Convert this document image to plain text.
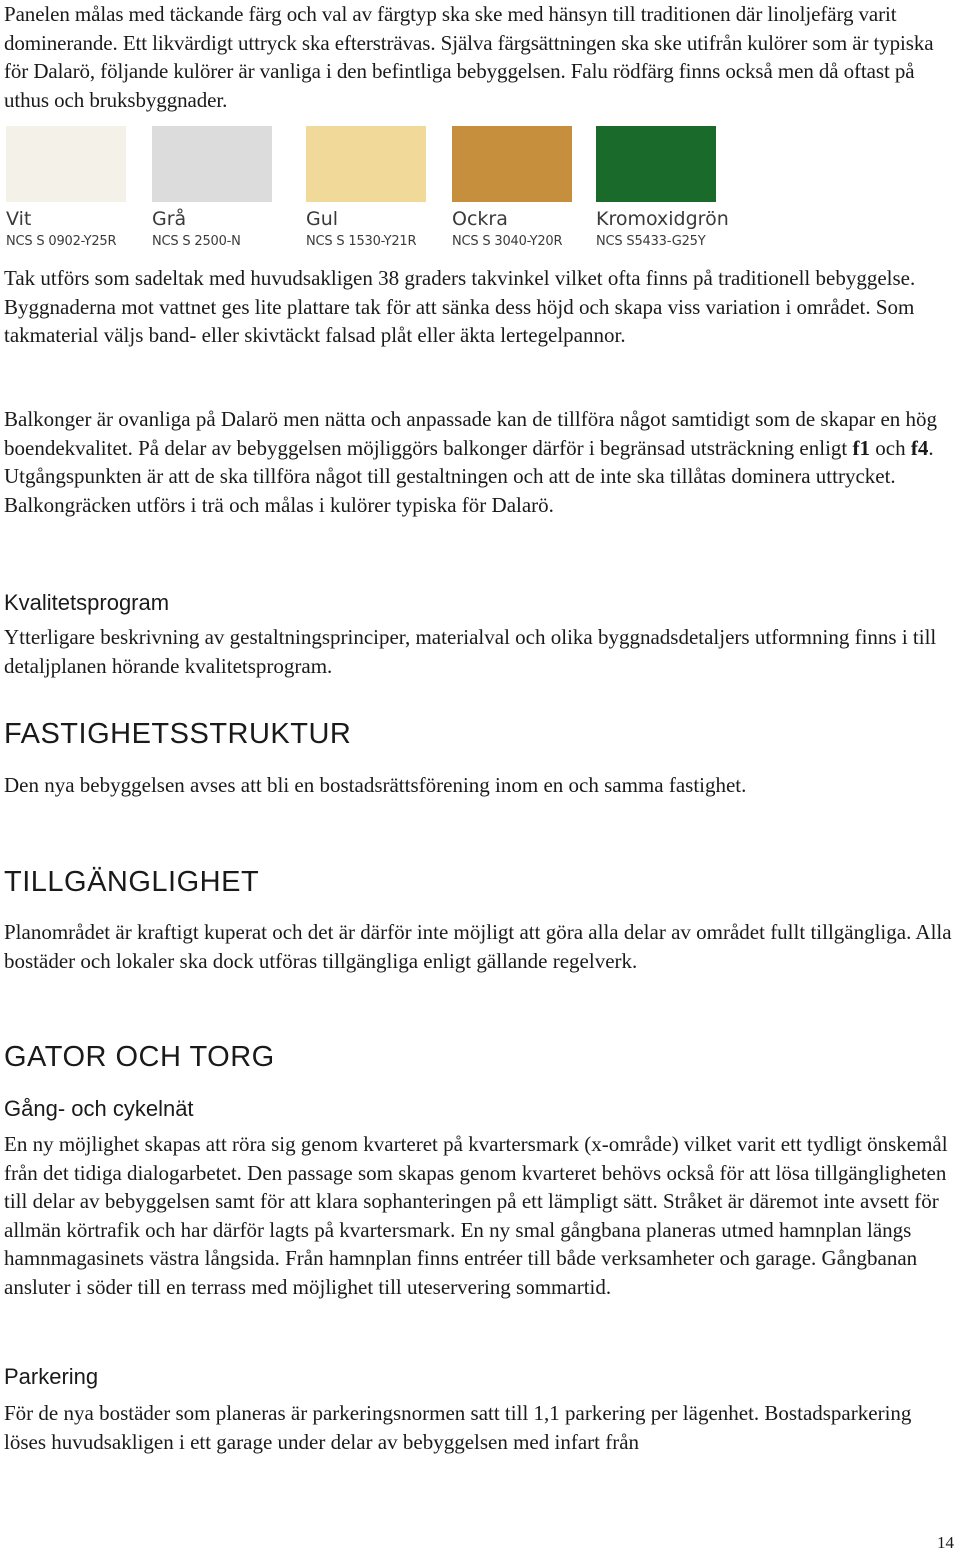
Panelen målas med täckande färg och val av färgtyp ska ske med hänsyn till traditionen där linoljefärg varit dominerande. Ett likvärdigt uttryck ska eftersträvas. Själva färgsättningen ska ske utifrån kulörer som är typiska för Dalarö, följande kulörer är vanliga i den befintliga bebyggelsen. Falu rödfärg finns också men då oftast på uthus och bruksbyggnader.

Vit
NCS S 0902-Y25R
Grå
NCS S 2500-N
Gul
NCS S 1530-Y21R
Ockra
NCS S 3040-Y20R
Kromoxidgrön
NCS S5433-G25Y

Tak utförs som sadeltak med huvudsakligen 38 graders takvinkel vilket ofta finns på traditionell bebyggelse. Byggnaderna mot vattnet ges lite plattare tak för att sänka dess höjd och skapa viss variation i området. Som takmaterial väljs band- eller skivtäckt falsad plåt eller äkta lertegelpannor.

Balkonger är ovanliga på Dalarö men nätta och anpassade kan de tillföra något samtidigt som de skapar en hög boendekvalitet. På delar av bebyggelsen möjliggörs balkonger därför i begränsad utsträckning enligt f1 och f4. Utgångspunkten är att de ska tillföra något till gestaltningen och att de inte ska tillåtas dominera uttrycket. Balkongräcken utförs i trä och målas i kulörer typiska för Dalarö.

Kvalitetsprogram

Ytterligare beskrivning av gestaltningsprinciper, materialval och olika byggnadsdetaljers utformning finns i till detaljplanen hörande kvalitetsprogram.

FASTIGHETSSTRUKTUR

Den nya bebyggelsen avses att bli en bostadsrättsförening inom en och samma fastighet.

TILLGÄNGLIGHET

Planområdet är kraftigt kuperat och det är därför inte möjligt att göra alla delar av området fullt tillgängliga. Alla bostäder och lokaler ska dock utföras tillgängliga enligt gällande regelverk.

GATOR OCH TORG
Gång- och cykelnät

En ny möjlighet skapas att röra sig genom kvarteret på kvartersmark (x-område) vilket varit ett tydligt önskemål från det tidiga dialogarbetet. Den passage som skapas genom kvarteret behövs också för att lösa tillgängligheten till delar av bebyggelsen samt för att klara sophanteringen på ett lämpligt sätt. Stråket är däremot inte avsett för allmän körtrafik och har därför lagts på kvartersmark. En ny smal gångbana planeras utmed hamnplan längs hamnmagasinets västra långsida. Från hamnplan finns entréer till både verksamheter och garage. Gångbanan ansluter i söder till en terrass med möjlighet till uteservering sommartid.

Parkering

För de nya bostäder som planeras är parkeringsnormen satt till 1,1 parkering per lägenhet. Bostadsparkering löses huvudsakligen i ett garage under delar av bebyggelsen med infart från

14
